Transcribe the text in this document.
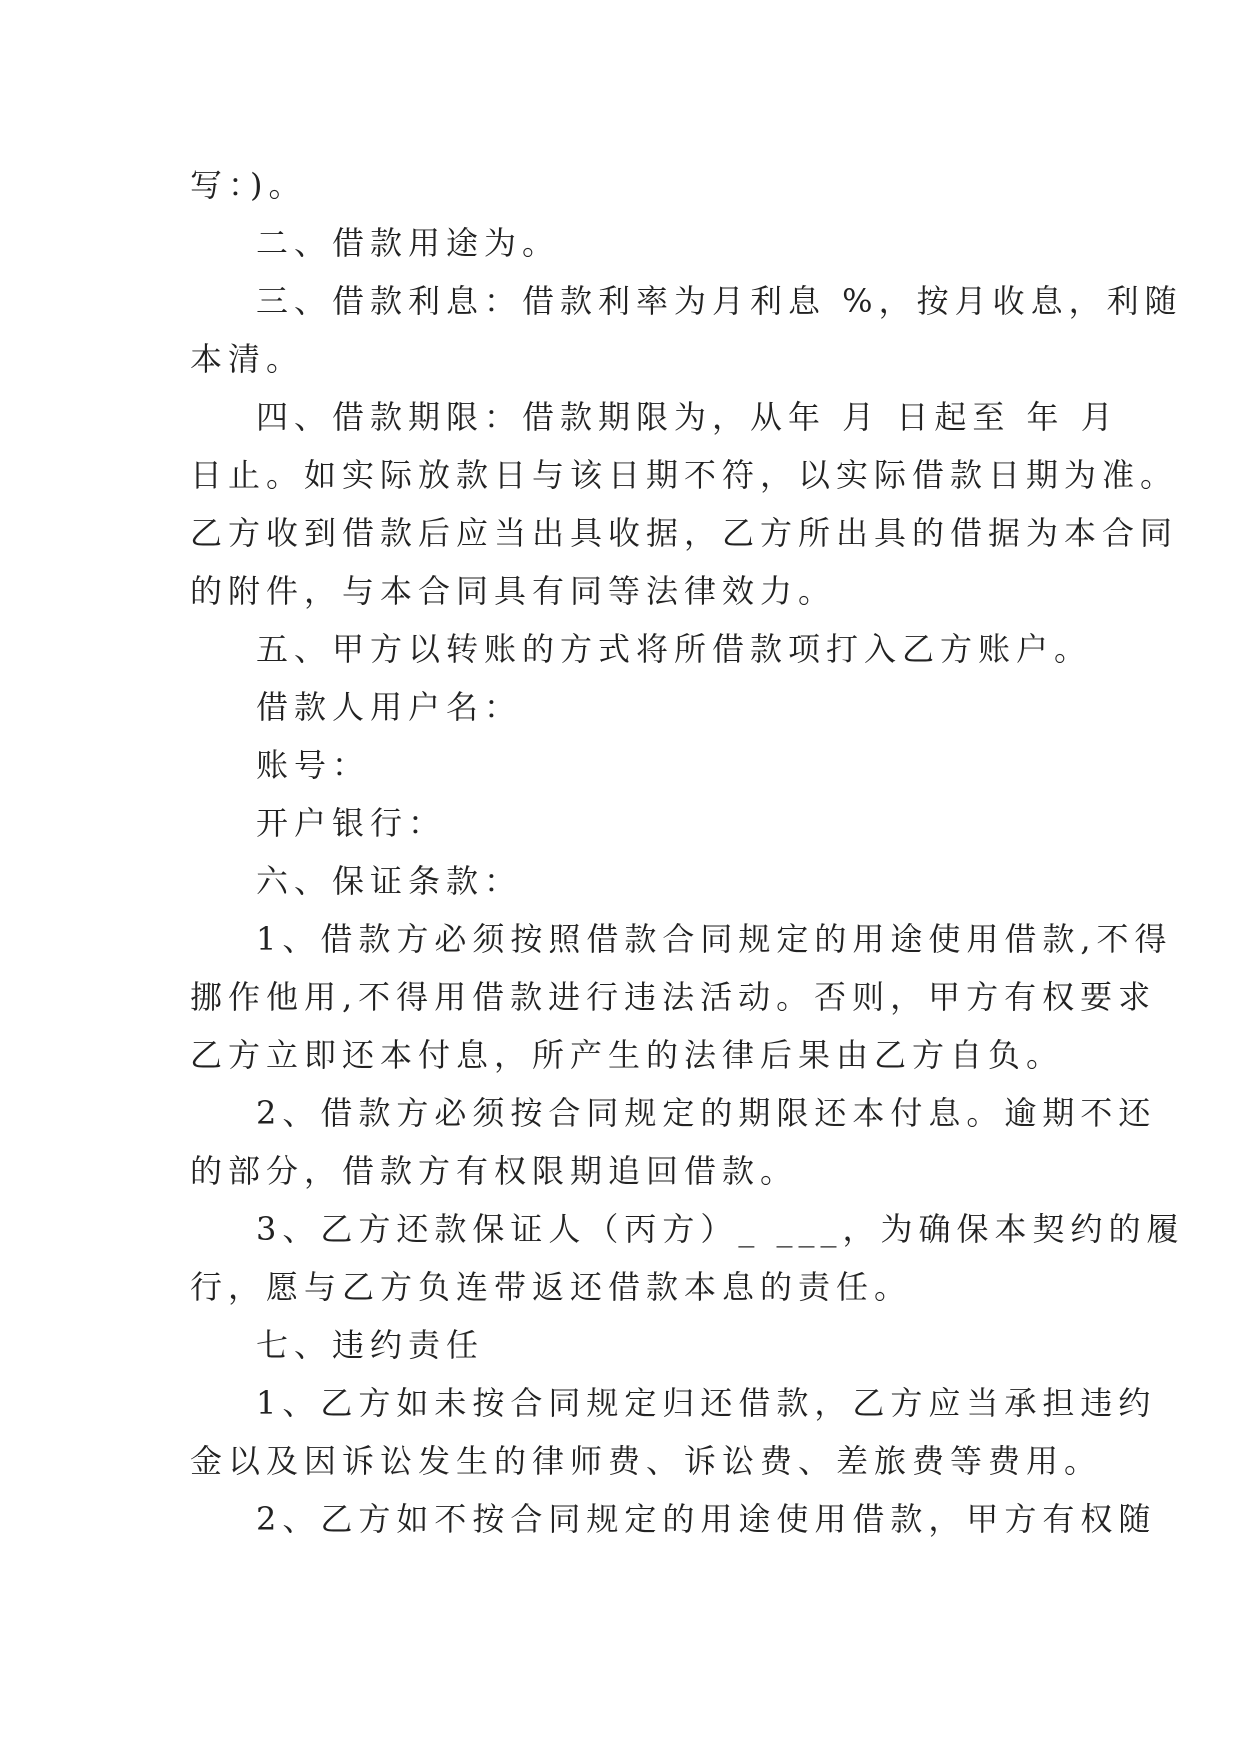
写：)。
二、借款用途为。
三、借款利息：借款利率为月利息 %，按月收息，利随
本清。
四、借款期限：借款期限为，从年 月 日起至 年 月
日止。如实际放款日与该日期不符，以实际借款日期为准。
乙方收到借款后应当出具收据，乙方所出具的借据为本合同
的附件，与本合同具有同等法律效力。
五、甲方以转账的方式将所借款项打入乙方账户。
借款人用户名：
账号：
开户银行：
六、保证条款：
1、借款方必须按照借款合同规定的用途使用借款,不得
挪作他用,不得用借款进行违法活动。否则，甲方有权要求
乙方立即还本付息，所产生的法律后果由乙方自负。
2、借款方必须按合同规定的期限还本付息。逾期不还
的部分，借款方有权限期追回借款。
3、乙方还款保证人（丙方）_ ___，为确保本契约的履
行，愿与乙方负连带返还借款本息的责任。
七、违约责任
1、乙方如未按合同规定归还借款，乙方应当承担违约
金以及因诉讼发生的律师费、诉讼费、差旅费等费用。
2、乙方如不按合同规定的用途使用借款，甲方有权随
